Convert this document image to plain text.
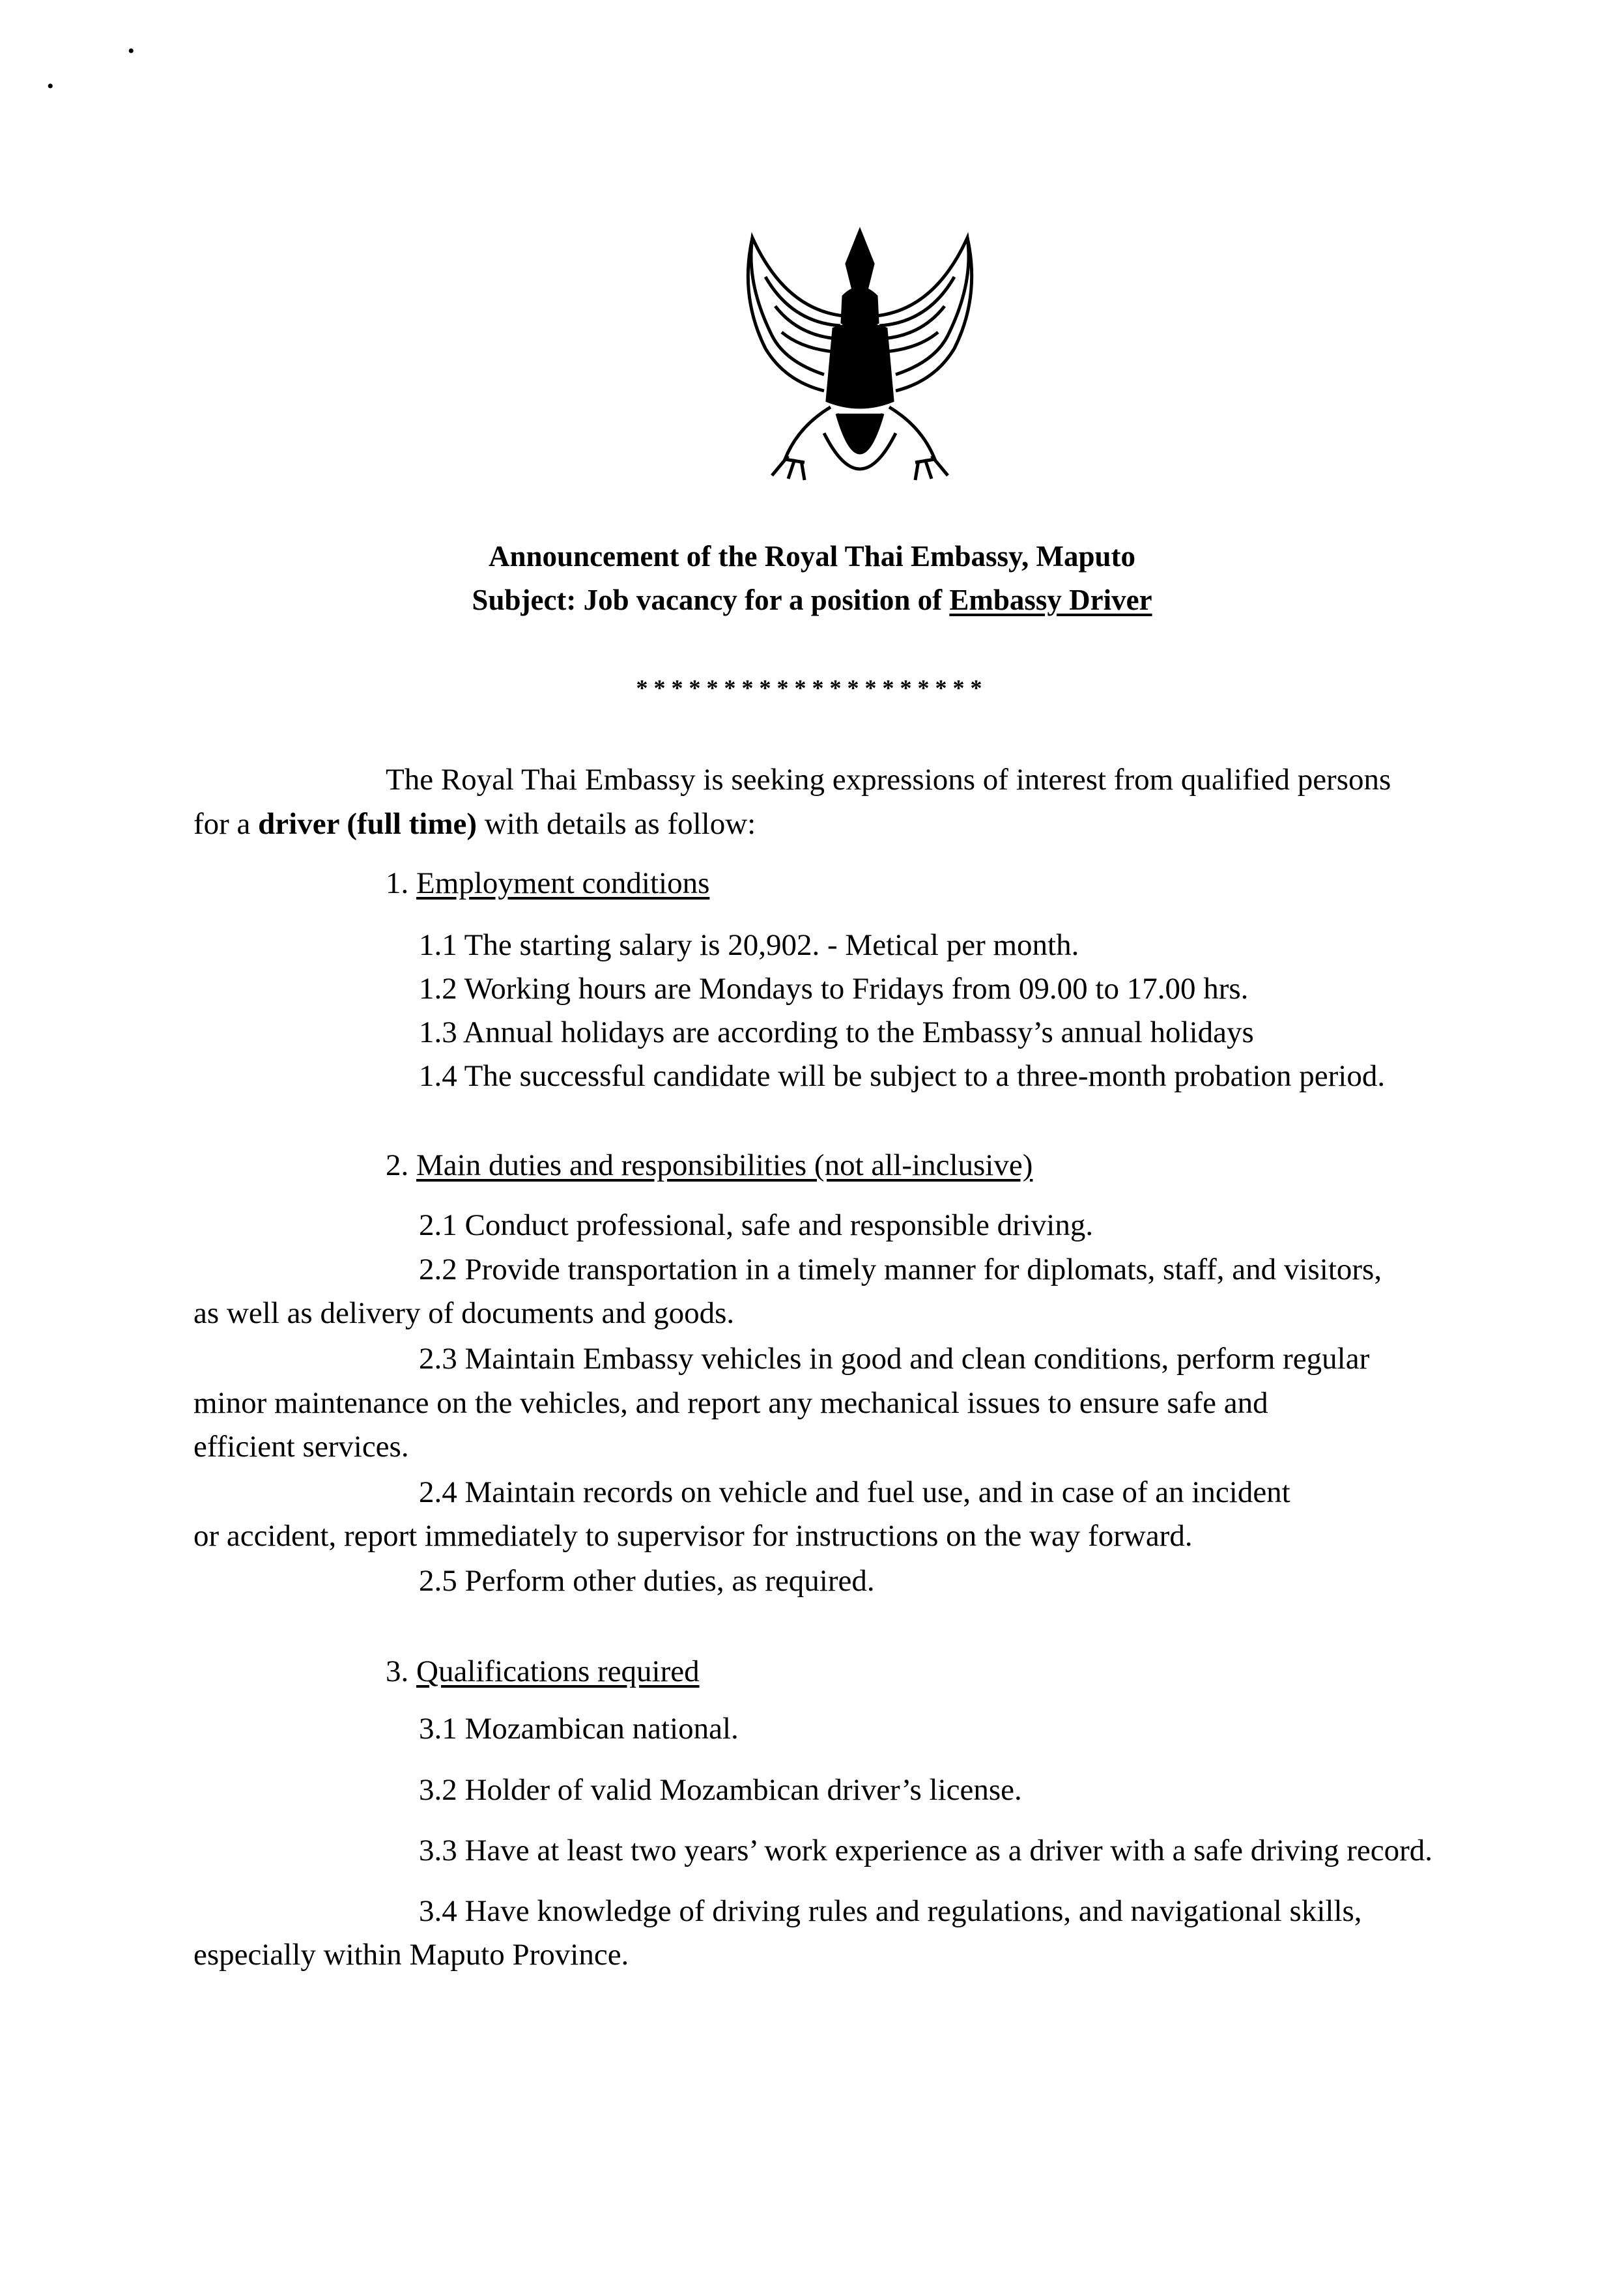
•
•
Announcement of the Royal Thai Embassy, Maputo
Subject: Job vacancy for a position of Embassy Driver
********************
The Royal Thai Embassy is seeking expressions of interest from qualified persons
for a driver (full time) with details as follow:
1. Employment conditions
1.1 The starting salary is 20,902. - Metical per month.
1.2 Working hours are Mondays to Fridays from 09.00 to 17.00 hrs.
1.3 Annual holidays are according to the Embassy’s annual holidays
1.4 The successful candidate will be subject to a three-month probation period.
2. Main duties and responsibilities (not all-inclusive)
2.1 Conduct professional, safe and responsible driving.
2.2 Provide transportation in a timely manner for diplomats, staff, and visitors,
as well as delivery of documents and goods.
2.3 Maintain Embassy vehicles in good and clean conditions, perform regular
minor maintenance on the vehicles, and report any mechanical issues to ensure safe and
efficient services.
2.4 Maintain records on vehicle and fuel use, and in case of an incident
or accident, report immediately to supervisor for instructions on the way forward.
2.5 Perform other duties, as required.
3. Qualifications required
3.1 Mozambican national.
3.2 Holder of valid Mozambican driver’s license.
3.3 Have at least two years’ work experience as a driver with a safe driving record.
3.4 Have knowledge of driving rules and regulations, and navigational skills,
especially within Maputo Province.
